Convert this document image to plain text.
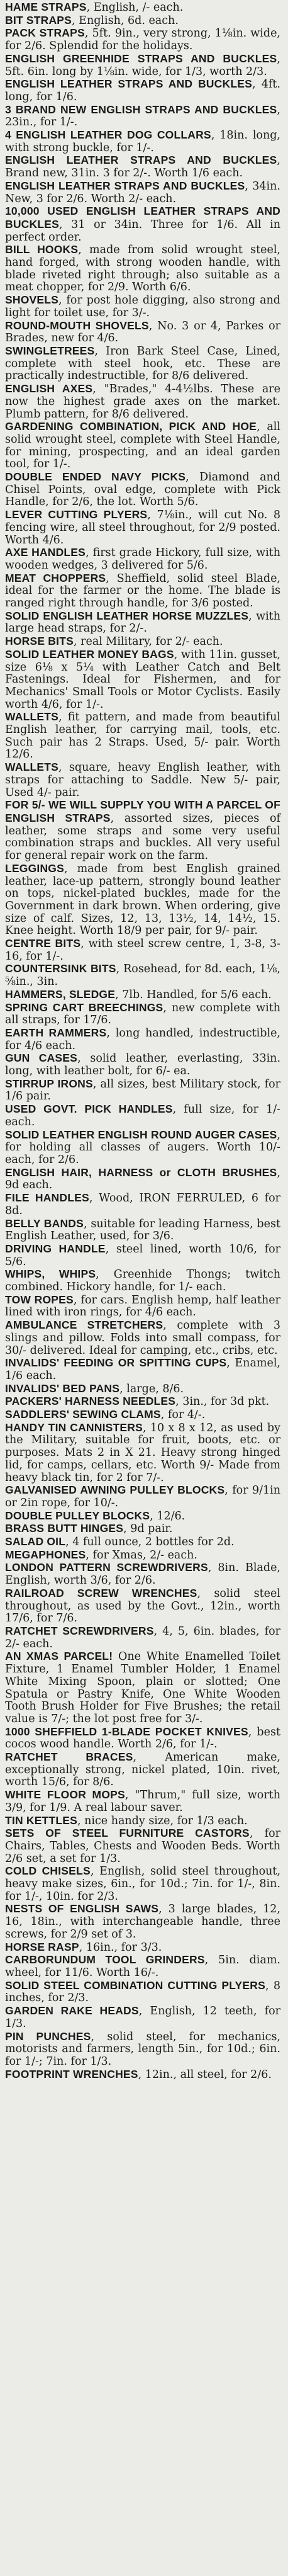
HAME STRAPS, English, /- each.

BIT STRAPS, English, 6d. each.

PACK STRAPS, 5ft. 9in., very strong, 1⅛in. wide, for 2/6. Splendid for the holidays.

ENGLISH GREENHIDE STRAPS AND BUCKLES, 5ft. 6in. long by 1⅛in. wide, for 1/3, worth 2/3.

ENGLISH LEATHER STRAPS AND BUCKLES, 4ft. long, for 1/6.

3 BRAND NEW ENGLISH STRAPS AND BUCKLES, 23in., for 1/-.

4 ENGLISH LEATHER DOG COLLARS, 18in. long, with strong buckle, for 1/-.

ENGLISH LEATHER STRAPS AND BUCKLES, Brand new, 31in. 3 for 2/-. Worth 1/6 each.

ENGLISH LEATHER STRAPS AND BUCKLES, 34in. New, 3 for 2/6. Worth 2/- each.

10,000 USED ENGLISH LEATHER STRAPS AND BUCKLES, 31 or 34in. Three for 1/6. All in perfect order.

BILL HOOKS, made from solid wrought steel, hand forged, with strong wooden handle, with blade riveted right through; also suitable as a meat chopper, for 2/9. Worth 6/6.

SHOVELS, for post hole digging, also strong and light for toilet use, for 3/-.

ROUND-MOUTH SHOVELS, No. 3 or 4, Parkes or Brades, new for 4/6.

SWINGLETREES, Iron Bark Steel Case, Lined, complete with steel hook, etc. These are practically indestructible, for 8/6 delivered.

ENGLISH AXES, "Brades," 4-4½lbs. These are now the highest grade axes on the market. Plumb pattern, for 8/6 delivered.

GARDENING COMBINATION, PICK AND HOE, all solid wrought steel, complete with Steel Handle, for mining, prospecting, and an ideal garden tool, for 1/-.

DOUBLE ENDED NAVY PICKS, Diamond and Chisel Points, oval edge, complete with Pick Handle, for 2/6, the lot. Worth 5/6.

LEVER CUTTING PLYERS, 7⅛in., will cut No. 8 fencing wire, all steel throughout, for 2/9 posted. Worth 4/6.

AXE HANDLES, first grade Hickory, full size, with wooden wedges, 3 delivered for 5/6.

MEAT CHOPPERS, Sheffield, solid steel Blade, ideal for the farmer or the home. The blade is ranged right through handle, for 3/6 posted.

SOLID ENGLISH LEATHER HORSE MUZZLES, with large head straps, for 2/-.

HORSE BITS, real Military, for 2/- each.

SOLID LEATHER MONEY BAGS, with 11in. gusset, size 6⅛ x 5¼ with Leather Catch and Belt Fastenings. Ideal for Fishermen, and for Mechanics' Small Tools or Motor Cyclists. Easily worth 4/6, for 1/-.

WALLETS, fit pattern, and made from beautiful English leather, for carrying mail, tools, etc. Such pair has 2 Straps. Used, 5/- pair. Worth 12/6.

WALLETS, square, heavy English leather, with straps for attaching to Saddle. New 5/- pair, Used 4/- pair.

FOR 5/- WE WILL SUPPLY YOU WITH A PARCEL OF ENGLISH STRAPS, assorted sizes, pieces of leather, some straps and some very useful combination straps and buckles. All very useful for general repair work on the farm.

LEGGINGS, made from best English grained leather, lace-up pattern, strongly bound leather on tops, nickel-plated buckles, made for the Government in dark brown. When ordering, give size of calf. Sizes, 12, 13, 13½, 14, 14½, 15. Knee height. Worth 18/9 per pair, for 9/- pair.

CENTRE BITS, with steel screw centre, 1, 3-8, 3-16, for 1/-.

COUNTERSINK BITS, Rosehead, for 8d. each, 1⅛, ⅝in., 3in.

HAMMERS, SLEDGE, 7lb. Handled, for 5/6 each.

SPRING CART BREECHINGS, new complete with all straps, for 17/6.

EARTH RAMMERS, long handled, indestructible, for 4/6 each.

GUN CASES, solid leather, everlasting, 33in. long, with leather bolt, for 6/- ea.

STIRRUP IRONS, all sizes, best Military stock, for 1/6 pair.

USED GOVT. PICK HANDLES, full size, for 1/- each.

SOLID LEATHER ENGLISH ROUND AUGER CASES, for holding all classes of augers. Worth 10/- each, for 2/6.

ENGLISH HAIR, HARNESS or CLOTH BRUSHES, 9d each.

FILE HANDLES, Wood, IRON FERRULED, 6 for 8d.

BELLY BANDS, suitable for leading Harness, best English Leather, used, for 3/6.

DRIVING HANDLE, steel lined, worth 10/6, for 5/6.

WHIPS, WHIPS, Greenhide Thongs; twitch combined. Hickory handle, for 1/- each.

TOW ROPES, for cars. English hemp, half leather lined with iron rings, for 4/6 each.

AMBULANCE STRETCHERS, complete with 3 slings and pillow. Folds into small compass, for 30/- delivered. Ideal for camping, etc., cribs, etc.

INVALIDS' FEEDING OR SPITTING CUPS, Enamel, 1/6 each.

INVALIDS' BED PANS, large, 8/6.

PACKERS' HARNESS NEEDLES, 3in., for 3d pkt.

SADDLERS' SEWING CLAMS, for 4/-.

HANDY TIN CANNISTERS, 10 x 8 x 12, as used by the Military, suitable for fruit, boots, etc. or purposes. Mats 2 in X 21. Heavy strong hinged lid, for camps, cellars, etc. Worth 9/- Made from heavy black tin, for 2 for 7/-.

GALVANISED AWNING PULLEY BLOCKS, for 9/1in or 2in rope, for 10/-.

DOUBLE PULLEY BLOCKS, 12/6.

BRASS BUTT HINGES, 9d pair.

SALAD OIL, 4 full ounce, 2 bottles for 2d.

MEGAPHONES, for Xmas, 2/- each.

LONDON PATTERN SCREWDRIVERS, 8in. Blade, English, worth 3/6, for 2/6.

RAILROAD SCREW WRENCHES, solid steel throughout, as used by the Govt., 12in., worth 17/6, for 7/6.

RATCHET SCREWDRIVERS, 4, 5, 6in. blades, for 2/- each.

AN XMAS PARCEL! One White Enamelled Toilet Fixture, 1 Enamel Tumbler Holder, 1 Enamel White Mixing Spoon, plain or slotted; One Spatula or Pastry Knife, One White Wooden Tooth Brush Holder for Five Brushes; the retail value is 7/-; the lot post free for 3/-.

1000 SHEFFIELD 1-BLADE POCKET KNIVES, best cocos wood handle. Worth 2/6, for 1/-.

RATCHET BRACES, American make, exceptionally strong, nickel plated, 10in. rivet, worth 15/6, for 8/6.

WHITE FLOOR MOPS, "Thrum," full size, worth 3/9, for 1/9. A real labour saver.

TIN KETTLES, nice handy size, for 1/3 each.

SETS OF STEEL FURNITURE CASTORS, for Chairs, Tables, Chests and Wooden Beds. Worth 2/6 set, a set for 1/3.

COLD CHISELS, English, solid steel throughout, heavy make sizes, 6in., for 10d.; 7in. for 1/-, 8in. for 1/-, 10in. for 2/3.

NESTS OF ENGLISH SAWS, 3 large blades, 12, 16, 18in., with interchangeable handle, three screws, for 2/9 set of 3.

HORSE RASP, 16in., for 3/3.

CARBORUNDUM TOOL GRINDERS, 5in. diam. wheel, for 11/6. Worth 16/-.

SOLID STEEL COMBINATION CUTTING PLYERS, 8 inches, for 2/3.

GARDEN RAKE HEADS, English, 12 teeth, for 1/3.

PIN PUNCHES, solid steel, for mechanics, motorists and farmers, length 5in., for 10d.; 6in. for 1/-; 7in. for 1/3.

FOOTPRINT WRENCHES, 12in., all steel, for 2/6.
